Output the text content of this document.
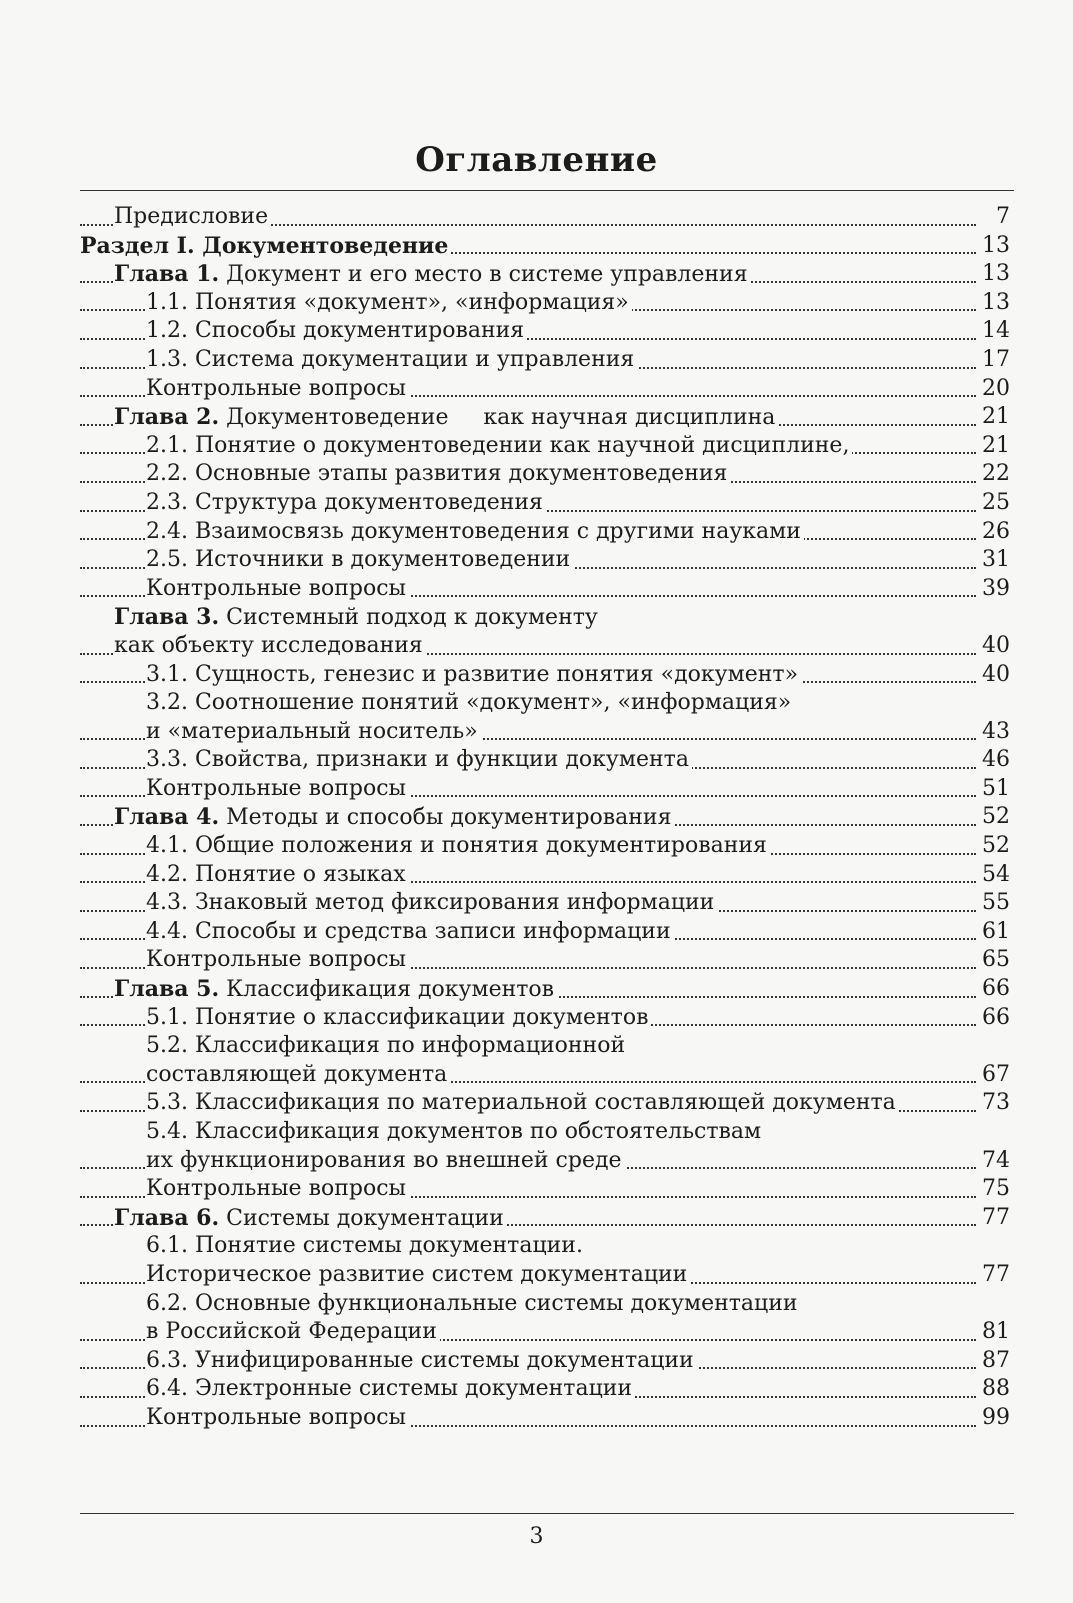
Оглавление
Предисловие	7
Раздел I. Документоведение	13
Глава 1. Документ и его место в системе управления	13
1.1. Понятия «документ», «информация»	13
1.2. Способы документирования	14
1.3. Система документации и управления	17
Контрольные вопросы	20
Глава 2. Документоведение     как научная дисциплина	21
2.1. Понятие о документоведении как научной дисциплине,	21
2.2. Основные этапы развития документоведения	22
2.3. Структура документоведения	25
2.4. Взаимосвязь документоведения с другими науками	26
2.5. Источники в документоведении	31
Контрольные вопросы	39
Глава 3. Системный подход к документу
как объекту исследования	40
3.1. Сущность, генезис и развитие понятия «документ»	40
3.2. Соотношение понятий «документ», «информация»
и «материальный носитель»	43
3.3. Свойства, признаки и функции документа	46
Контрольные вопросы	51
Глава 4. Методы и способы документирования	52
4.1. Общие положения и понятия документирования	52
4.2. Понятие о языках	54
4.3. Знаковый метод фиксирования информации	55
4.4. Способы и средства записи информации	61
Контрольные вопросы	65
Глава 5. Классификация документов	66
5.1. Понятие о классификации документов	66
5.2. Классификация по информационной
составляющей документа	67
5.3. Классификация по материальной составляющей документа	73
5.4. Классификация документов по обстоятельствам
их функционирования во внешней среде	74
Контрольные вопросы	75
Глава 6. Системы документации	77
6.1. Понятие системы документации.
Историческое развитие систем документации	77
6.2. Основные функциональные системы документации
в Российской Федерации	81
6.3. Унифицированные системы документации	87
6.4. Электронные системы документации	88
Контрольные вопросы	99
3
